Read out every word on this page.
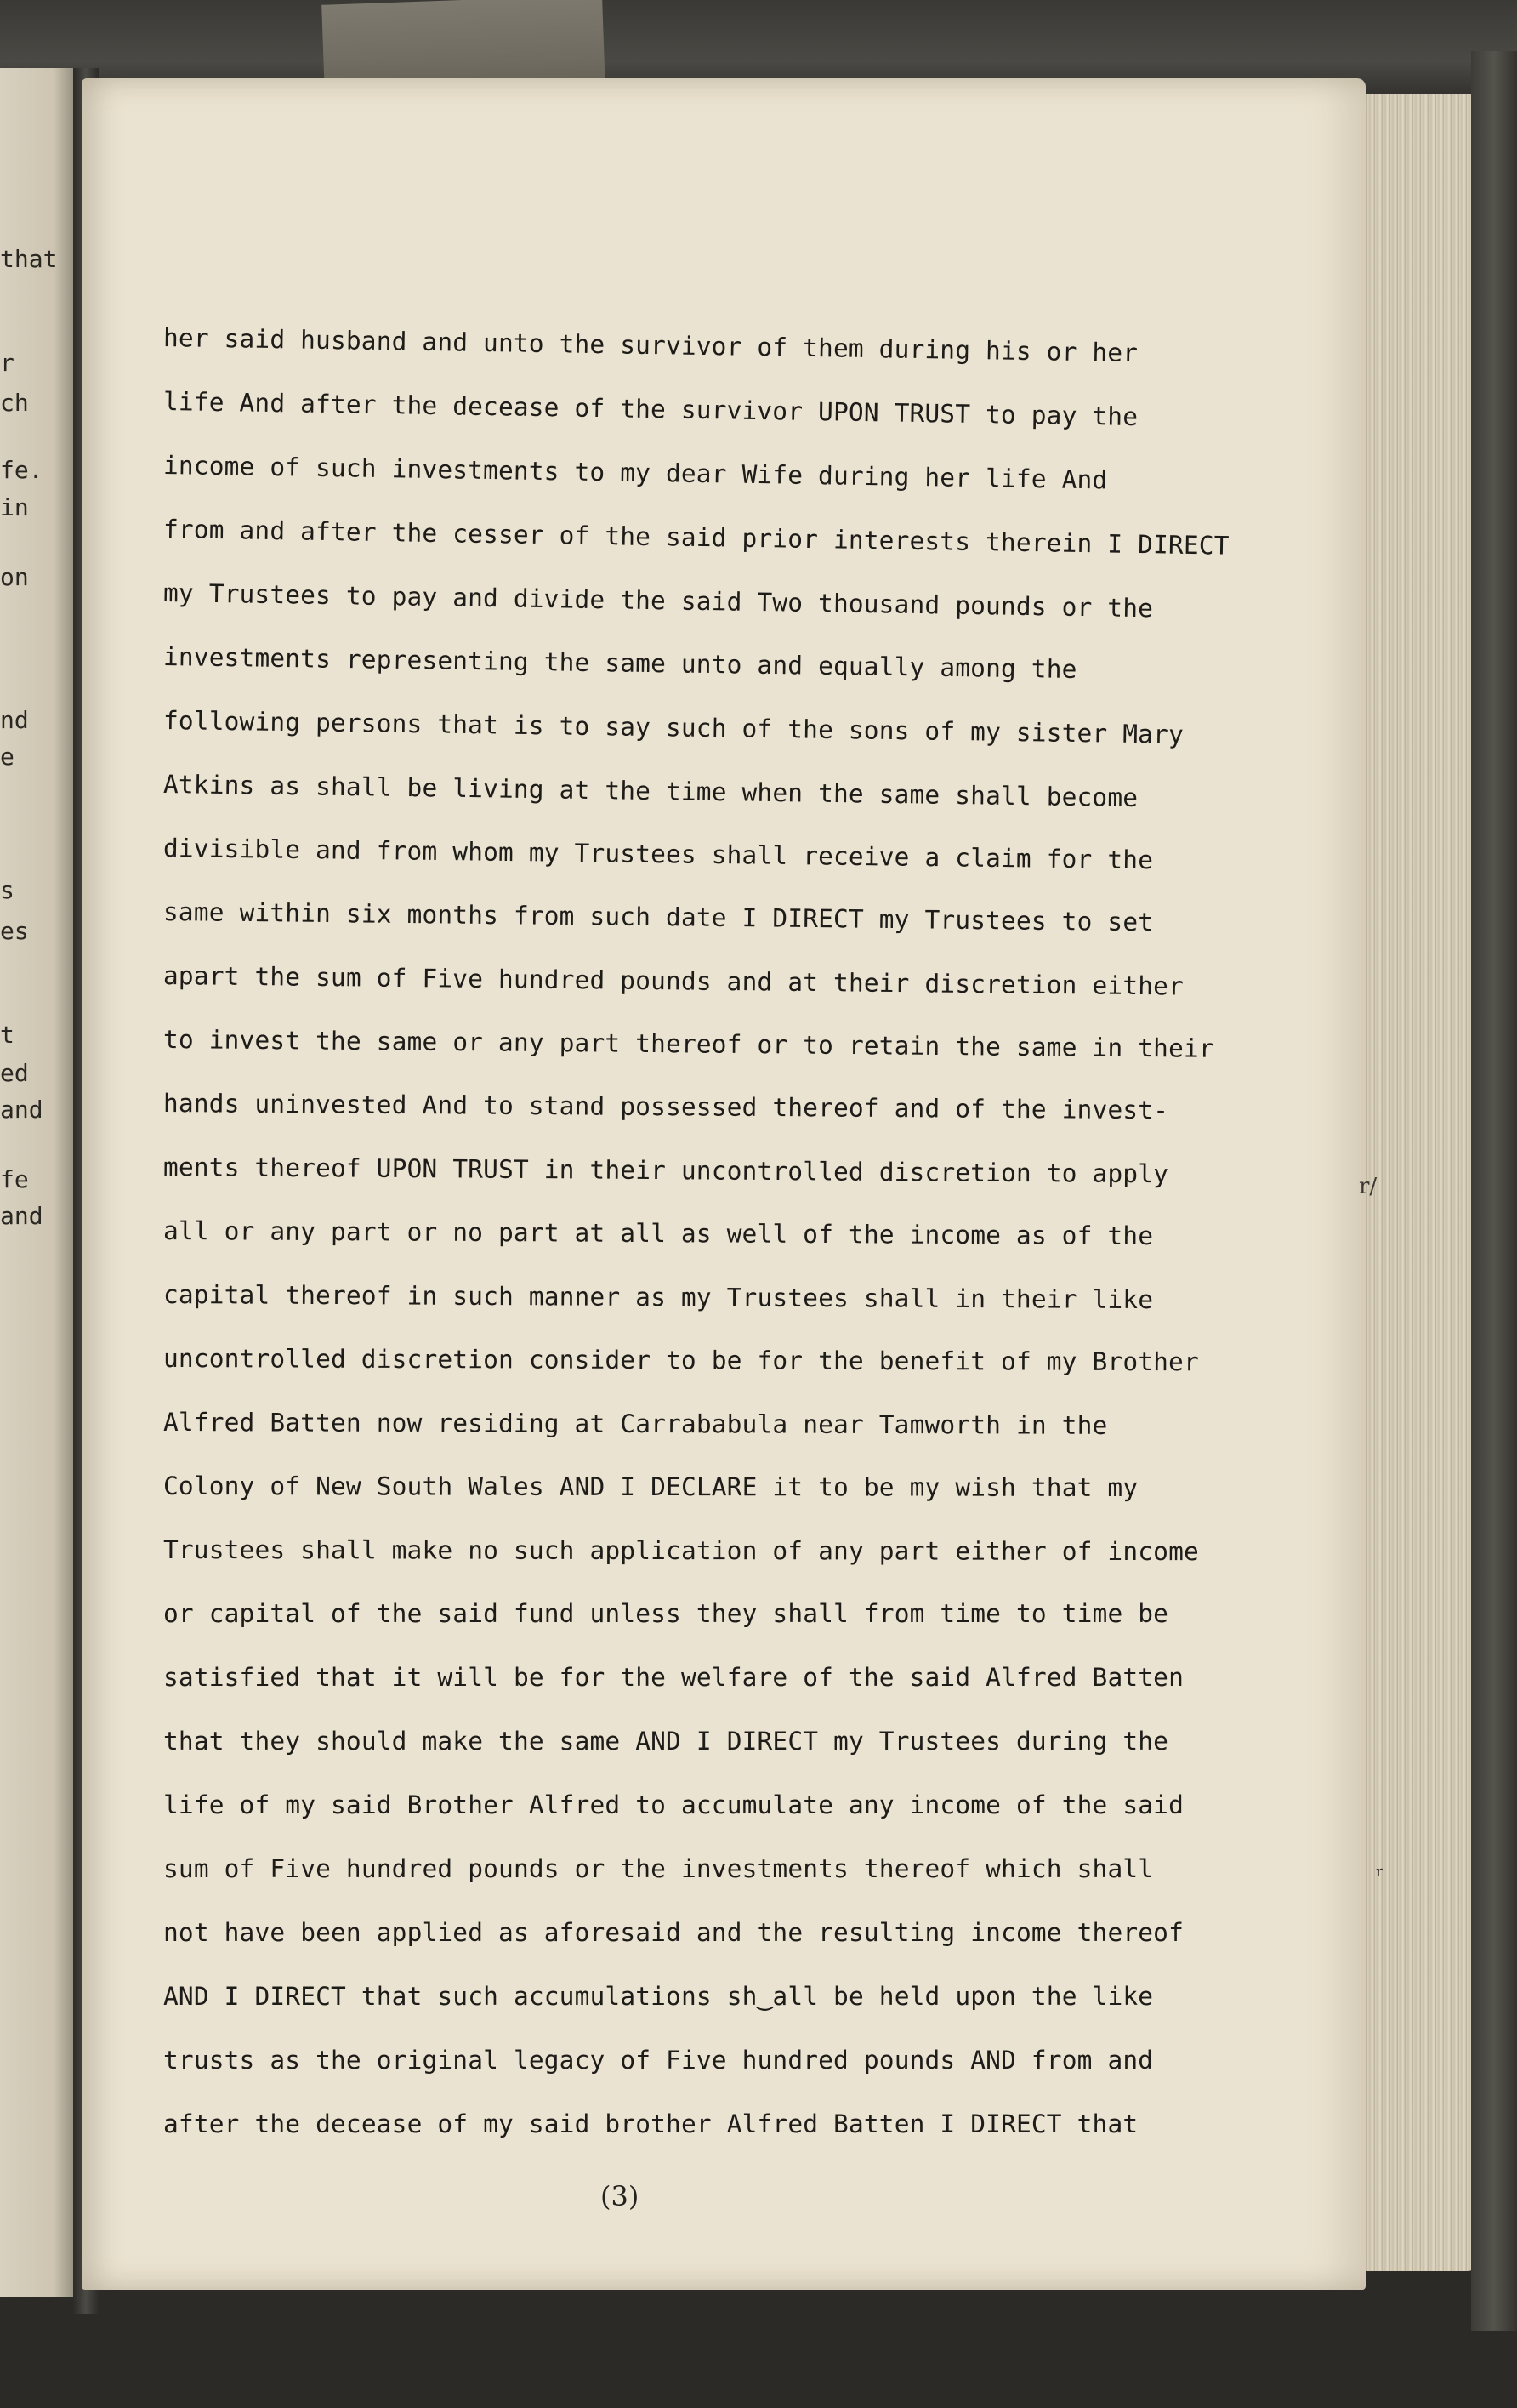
that
r
ch
fe.
in
on
nd
e
s
es
t
ed
and
fe
and
her said husband and unto the survivor of them during his or her
life And after the decease of the survivor UPON TRUST to pay the
income of such investments to my dear Wife during her life And
from and after the cesser of the said prior interests therein I DIRECT
my Trustees to pay and divide the said Two thousand pounds or the
investments representing the same unto and equally among the
following persons that is to say such of the sons of my sister Mary
Atkins as shall be living at the time when the same shall become
divisible and from whom my Trustees shall receive a claim for the
same within six months from such date I DIRECT my Trustees to set
apart the sum of Five hundred pounds and at their discretion either
to invest the same or any part thereof or to retain the same in their
hands uninvested And to stand possessed thereof and of the invest-
ments thereof UPON TRUST in their uncontrolled discretion to apply
all or any part or no part at all as well of the income as of the
capital thereof in such manner as my Trustees shall in their like
uncontrolled discretion consider to be for the benefit of my Brother
Alfred Batten now residing at Carrababula near Tamworth in the
Colony of New South Wales AND I DECLARE it to be my wish that my
Trustees shall make no such application of any part either of income
or capital of the said fund unless they shall from time to time be
satisfied that it will be for the welfare of the said Alfred Batten
that they should make the same AND I DIRECT my Trustees during the
life of my said Brother Alfred to accumulate any income of the said
sum of Five hundred pounds or the investments thereof which shall
not have been applied as aforesaid and the resulting income thereof
AND I DIRECT that such accumulations sh‿all be held upon the like
trusts as the original legacy of Five hundred pounds AND from and
after the decease of my said brother Alfred Batten I DIRECT that
(3)
r/
r
